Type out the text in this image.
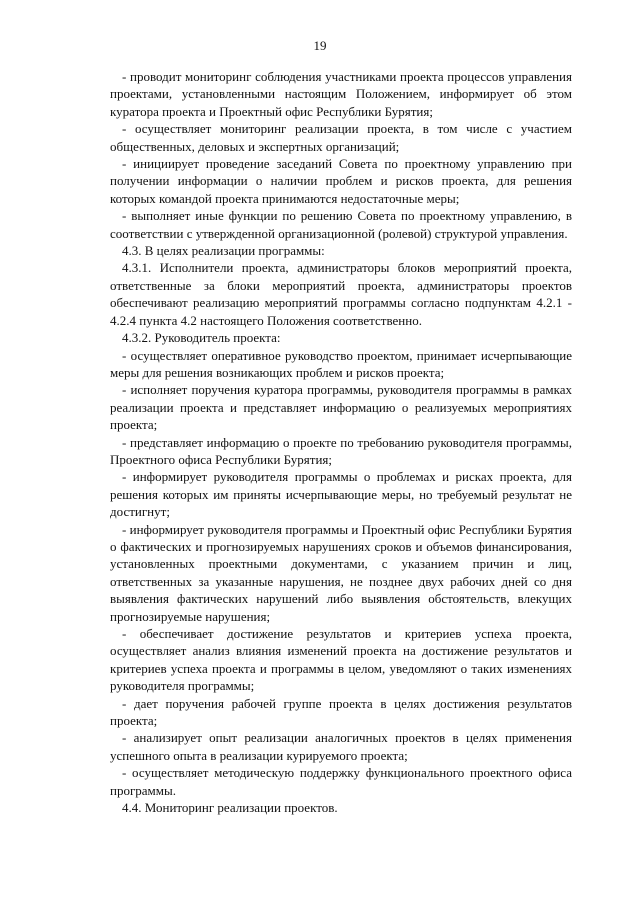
19

- проводит мониторинг соблюдения участниками проекта процессов управления проектами, установленными настоящим Положением, информирует об этом куратора проекта и Проектный офис Республики Бурятия;

- осуществляет мониторинг реализации проекта, в том числе с участием общественных, деловых и экспертных организаций;

- инициирует проведение заседаний Совета по проектному управлению при получении информации о наличии проблем и рисков проекта, для решения которых командой проекта принимаются недостаточные меры;

- выполняет иные функции по решению Совета по проектному управлению, в соответствии с утвержденной организационной (ролевой) структурой управления.

4.3. В целях реализации программы:

4.3.1. Исполнители проекта, администраторы блоков мероприятий проекта, ответственные за блоки мероприятий проекта, администраторы проектов обеспечивают реализацию мероприятий программы согласно подпунктам 4.2.1 - 4.2.4 пункта 4.2 настоящего Положения соответственно.

4.3.2. Руководитель проекта:

- осуществляет оперативное руководство проектом, принимает исчерпывающие меры для решения возникающих проблем и рисков проекта;

- исполняет поручения куратора программы, руководителя программы в рамках реализации проекта и представляет информацию о реализуемых мероприятиях проекта;

- представляет информацию о проекте по требованию руководителя программы, Проектного офиса Республики Бурятия;

- информирует руководителя программы о проблемах и рисках проекта, для решения которых им приняты исчерпывающие меры, но требуемый результат не достигнут;

- информирует руководителя программы и Проектный офис Республики Бурятия о фактических и прогнозируемых нарушениях сроков и объемов финансирования, установленных проектными документами, с указанием причин и лиц, ответственных за указанные нарушения, не позднее двух рабочих дней со дня выявления фактических нарушений либо выявления обстоятельств, влекущих прогнозируемые нарушения;

- обеспечивает достижение результатов и критериев успеха проекта, осуществляет анализ влияния изменений проекта на достижение результатов и критериев успеха проекта и программы в целом, уведомляют о таких изменениях руководителя программы;

- дает поручения рабочей группе проекта в целях достижения результатов проекта;

- анализирует опыт реализации аналогичных проектов в целях применения успешного опыта в реализации курируемого проекта;

- осуществляет методическую поддержку функционального проектного офиса программы.

4.4. Мониторинг реализации проектов.
